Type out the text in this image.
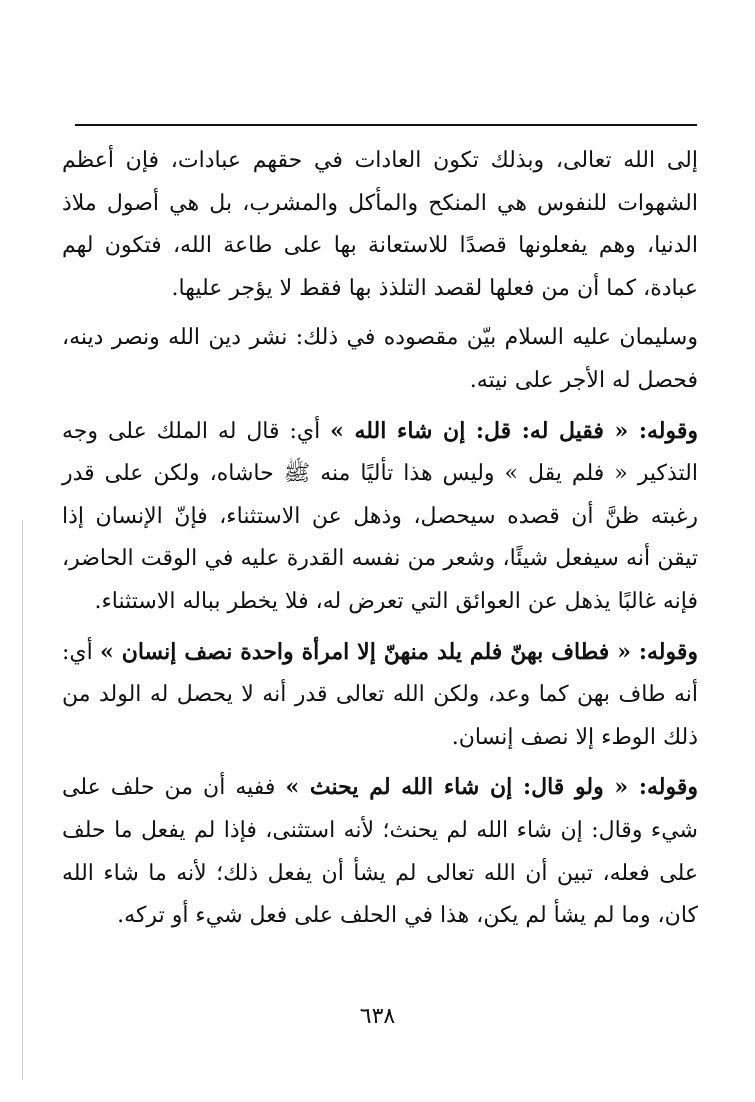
إلى الله تعالى، وبذلك تكون العادات في حقهم عبادات، فإن أعظم الشهوات للنفوس هي المنكح والمأكل والمشرب، بل هي أصول ملاذ الدنيا، وهم يفعلونها قصدًا للاستعانة بها على طاعة الله، فتكون لهم عبادة، كما أن من فعلها لقصد التلذذ بها فقط لا يؤجر عليها.

وسليمان عليه السلام بيّن مقصوده في ذلك: نشر دين الله ونصر دينه، فحصل له الأجر على نيته.

وقوله: « فقيل له: قل: إن شاء الله » أي: قال له الملك على وجه التذكير « فلم يقل » وليس هذا تأليًا منه ﷺ حاشاه، ولكن على قدر رغبته ظنَّ أن قصده سيحصل، وذهل عن الاستثناء، فإنّ الإنسان إذا تيقن أنه سيفعل شيئًا، وشعر من نفسه القدرة عليه في الوقت الحاضر، فإنه غالبًا يذهل عن العوائق التي تعرض له، فلا يخطر بباله الاستثناء.

وقوله: « فطاف بهنّ فلم يلد منهنّ إلا امرأة واحدة نصف إنسان » أي: أنه طاف بهن كما وعد، ولكن الله تعالى قدر أنه لا يحصل له الولد من ذلك الوطء إلا نصف إنسان.

وقوله: « ولو قال: إن شاء الله لم يحنث » ففيه أن من حلف على شيء وقال: إن شاء الله لم يحنث؛ لأنه استثنى، فإذا لم يفعل ما حلف على فعله، تبين أن الله تعالى لم يشأ أن يفعل ذلك؛ لأنه ما شاء الله كان، وما لم يشأ لم يكن، هذا في الحلف على فعل شيء أو تركه.

٦٣٨
